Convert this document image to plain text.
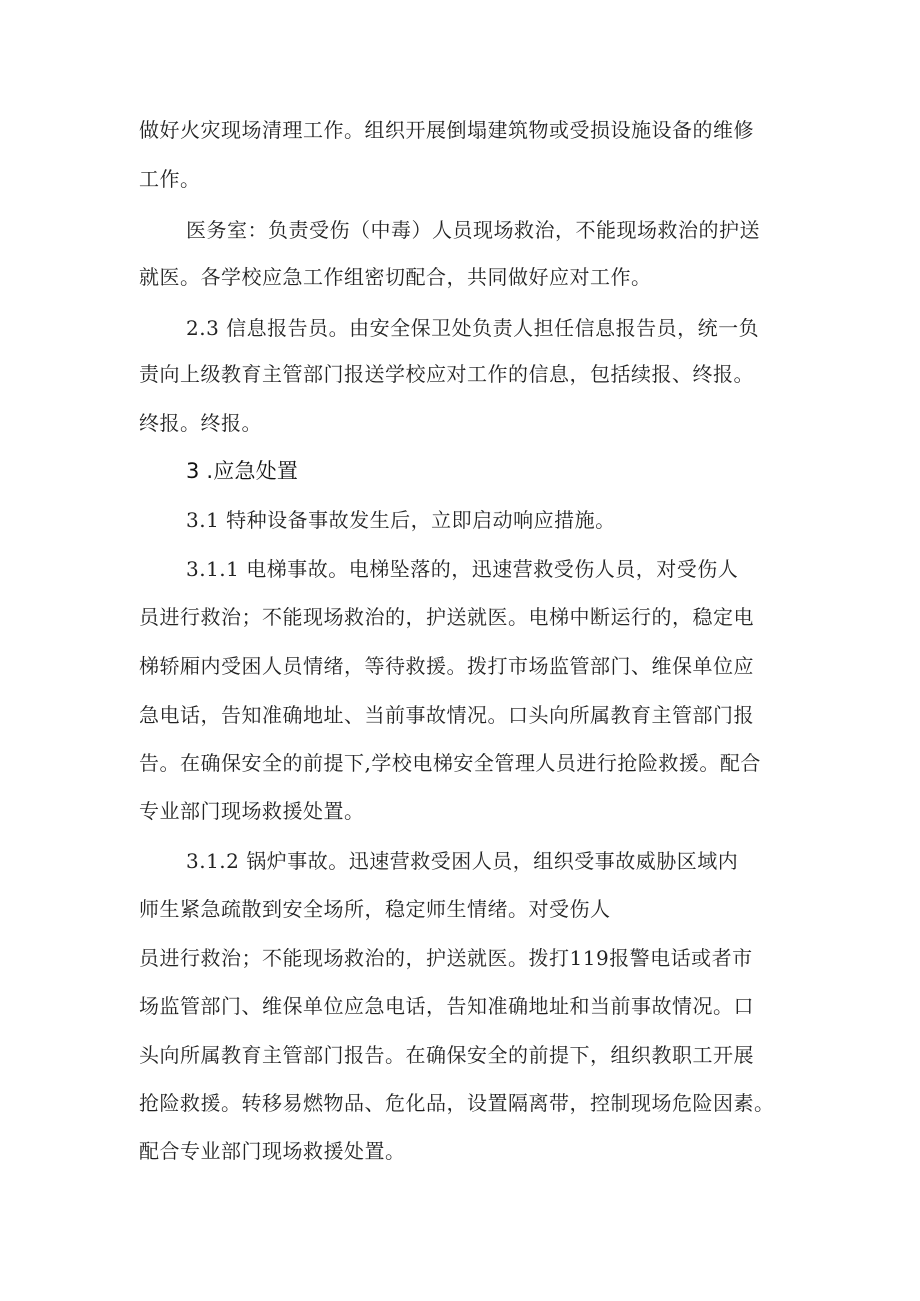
做好火灾现场清理工作。组织开展倒塌建筑物或受损设施设备的维修
工作。
医务室：负责受伤（中毒）人员现场救治，不能现场救治的护送
就医。各学校应急工作组密切配合，共同做好应对工作。
2.3 信息报告员。由安全保卫处负责人担任信息报告员，统一负
责向上级教育主管部门报送学校应对工作的信息，包括续报、终报。
终报。终报。
3 .应急处置
3.1 特种设备事故发生后，立即启动响应措施。
3.1.1 电梯事故。电梯坠落的，迅速营救受伤人员，对受伤人
员进行救治；不能现场救治的，护送就医。电梯中断运行的，稳定电
梯轿厢内受困人员情绪，等待救援。拨打市场监管部门、维保单位应
急电话，告知准确地址、当前事故情况。口头向所属教育主管部门报
告。在确保安全的前提下,学校电梯安全管理人员进行抢险救援。配合
专业部门现场救援处置。
3.1.2 锅炉事故。迅速营救受困人员，组织受事故威胁区域内
师生紧急疏散到安全场所，稳定师生情绪。对受伤人
员进行救治；不能现场救治的，护送就医。拨打119报警电话或者市
场监管部门、维保单位应急电话，告知准确地址和当前事故情况。口
头向所属教育主管部门报告。在确保安全的前提下，组织教职工开展
抢险救援。转移易燃物品、危化品，设置隔离带，控制现场危险因素。
配合专业部门现场救援处置。
